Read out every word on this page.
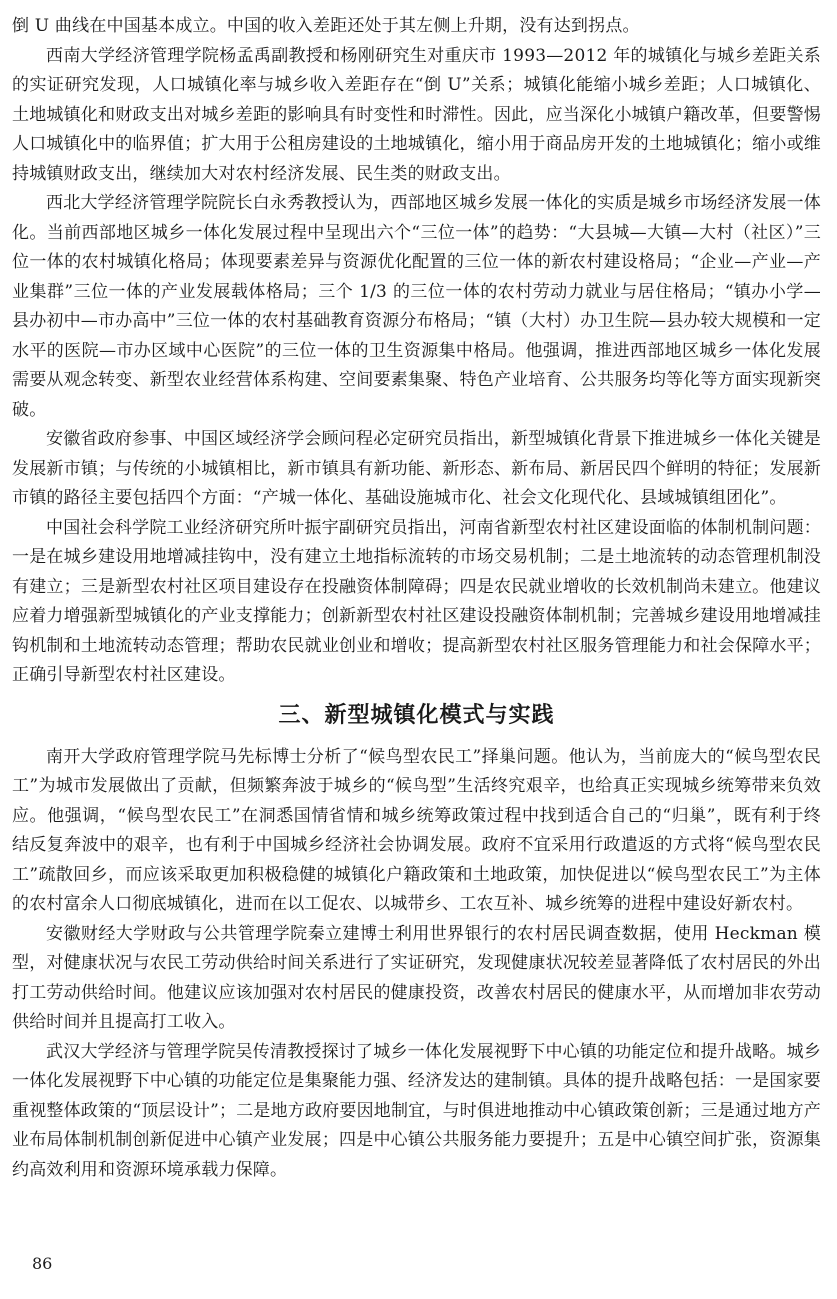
倒 U 曲线在中国基本成立。中国的收入差距还处于其左侧上升期，没有达到拐点。

西南大学经济管理学院杨孟禹副教授和杨刚研究生对重庆市 1993—2012 年的城镇化与城乡差距关系的实证研究发现，人口城镇化率与城乡收入差距存在“倒 U”关系；城镇化能缩小城乡差距；人口城镇化、土地城镇化和财政支出对城乡差距的影响具有时变性和时滞性。因此，应当深化小城镇户籍改革，但要警惕人口城镇化中的临界值；扩大用于公租房建设的土地城镇化，缩小用于商品房开发的土地城镇化；缩小或维持城镇财政支出，继续加大对农村经济发展、民生类的财政支出。

西北大学经济管理学院院长白永秀教授认为，西部地区城乡发展一体化的实质是城乡市场经济发展一体化。当前西部地区城乡一体化发展过程中呈现出六个“三位一体”的趋势：“大县城—大镇—大村（社区）”三位一体的农村城镇化格局；体现要素差异与资源优化配置的三位一体的新农村建设格局；“企业—产业—产业集群”三位一体的产业发展载体格局；三个 1/3 的三位一体的农村劳动力就业与居住格局；“镇办小学—县办初中—市办高中”三位一体的农村基础教育资源分布格局；“镇（大村）办卫生院—县办较大规模和一定水平的医院—市办区域中心医院”的三位一体的卫生资源集中格局。他强调，推进西部地区城乡一体化发展需要从观念转变、新型农业经营体系构建、空间要素集聚、特色产业培育、公共服务均等化等方面实现新突破。

安徽省政府参事、中国区域经济学会顾问程必定研究员指出，新型城镇化背景下推进城乡一体化关键是发展新市镇；与传统的小城镇相比，新市镇具有新功能、新形态、新布局、新居民四个鲜明的特征；发展新市镇的路径主要包括四个方面：“产城一体化、基础设施城市化、社会文化现代化、县域城镇组团化”。

中国社会科学院工业经济研究所叶振宇副研究员指出，河南省新型农村社区建设面临的体制机制问题：一是在城乡建设用地增减挂钩中，没有建立土地指标流转的市场交易机制；二是土地流转的动态管理机制没有建立；三是新型农村社区项目建设存在投融资体制障碍；四是农民就业增收的长效机制尚未建立。他建议应着力增强新型城镇化的产业支撑能力；创新新型农村社区建设投融资体制机制；完善城乡建设用地增减挂钩机制和土地流转动态管理；帮助农民就业创业和增收；提高新型农村社区服务管理能力和社会保障水平；正确引导新型农村社区建设。

三、新型城镇化模式与实践

南开大学政府管理学院马先标博士分析了“候鸟型农民工”择巢问题。他认为，当前庞大的“候鸟型农民工”为城市发展做出了贡献，但频繁奔波于城乡的“候鸟型”生活终究艰辛，也给真正实现城乡统筹带来负效应。他强调，“候鸟型农民工”在洞悉国情省情和城乡统筹政策过程中找到适合自己的“归巢”，既有利于终结反复奔波中的艰辛，也有利于中国城乡经济社会协调发展。政府不宜采用行政遣返的方式将“候鸟型农民工”疏散回乡，而应该采取更加积极稳健的城镇化户籍政策和土地政策，加快促进以“候鸟型农民工”为主体的农村富余人口彻底城镇化，进而在以工促农、以城带乡、工农互补、城乡统筹的进程中建设好新农村。

安徽财经大学财政与公共管理学院秦立建博士利用世界银行的农村居民调查数据，使用 Heckman 模型，对健康状况与农民工劳动供给时间关系进行了实证研究，发现健康状况较差显著降低了农村居民的外出打工劳动供给时间。他建议应该加强对农村居民的健康投资，改善农村居民的健康水平，从而增加非农劳动供给时间并且提高打工收入。

武汉大学经济与管理学院吴传清教授探讨了城乡一体化发展视野下中心镇的功能定位和提升战略。城乡一体化发展视野下中心镇的功能定位是集聚能力强、经济发达的建制镇。具体的提升战略包括：一是国家要重视整体政策的“顶层设计”；二是地方政府要因地制宜，与时俱进地推动中心镇政策创新；三是通过地方产业布局体制机制创新促进中心镇产业发展；四是中心镇公共服务能力要提升；五是中心镇空间扩张，资源集约高效利用和资源环境承载力保障。

86
